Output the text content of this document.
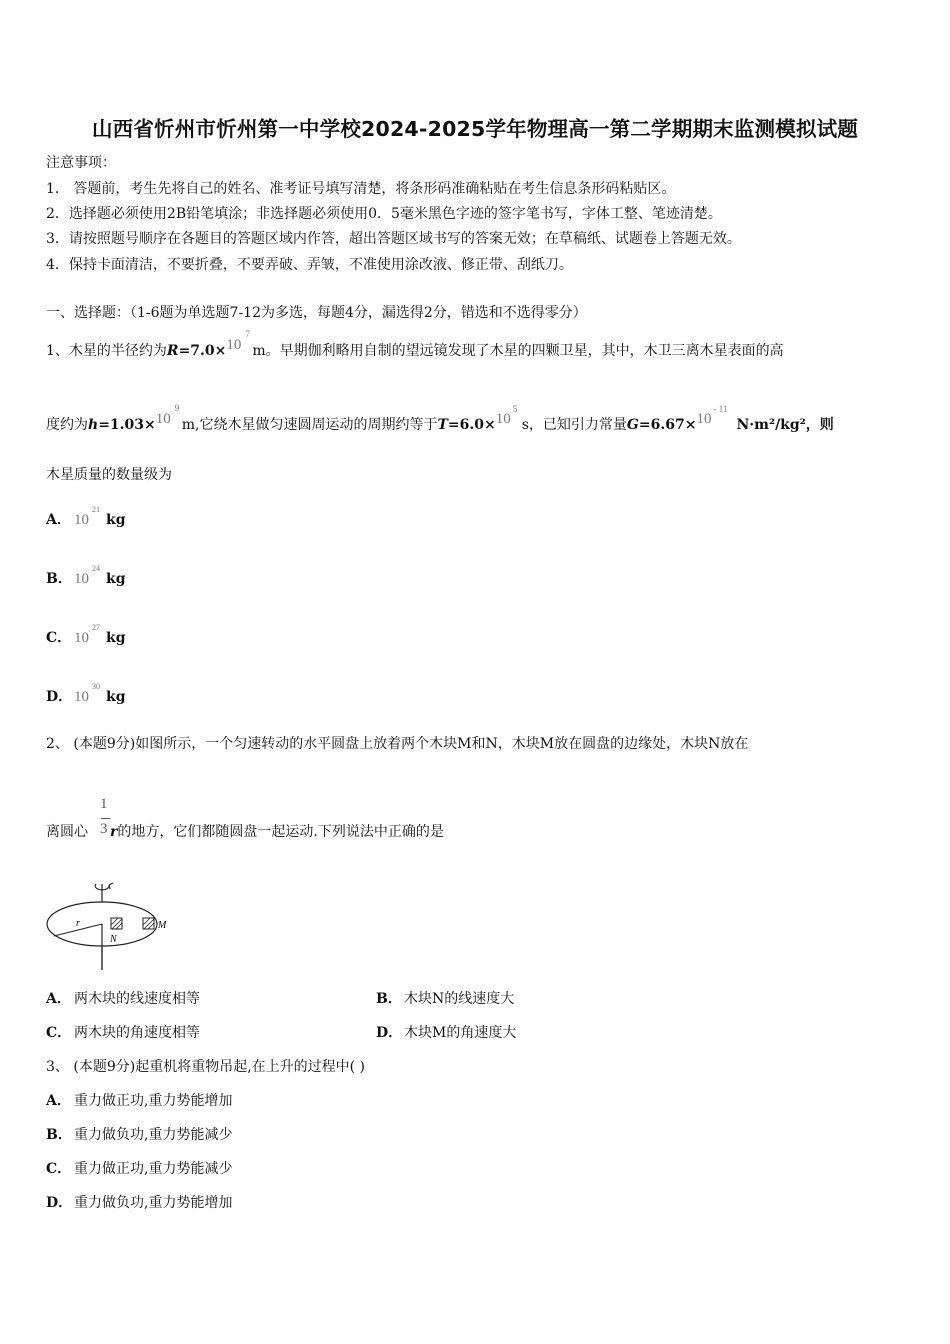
山西省忻州市忻州第一中学校2024-2025学年物理高一第二学期期末监测模拟试题
注意事项：
1． 答题前，考生先将自己的姓名、准考证号填写清楚，将条形码准确粘贴在考生信息条形码粘贴区。
2．选择题必须使用2B铅笔填涂；非选择题必须使用0．5毫米黑色字迹的签字笔书写，字体工整、笔迹清楚。
3．请按照题号顺序在各题目的答题区域内作答，超出答题区域书写的答案无效；在草稿纸、试题卷上答题无效。
4．保持卡面清洁，不要折叠，不要弄破、弄皱，不准使用涂改液、修正带、刮纸刀。
一、选择题：（1-6题为单选题7-12为多选，每题4分，漏选得2分，错选和不选得零分）
1、木星的半径约为R=7.0×10
7
m。早期伽利略用自制的望远镜发现了木星的四颗卫星，其中，木卫三离木星表面的高
度约为h=1.03×10
9
m,它绕木星做匀速圆周运动的周期约等于T=6.0×10
5
s，已知引力常量G=6.67×10
- 11
N·m²/kg²，则
木星质量的数量级为
A． 10
21
kg
B． 10
24
kg
C． 10
27
kg
D． 10
30
kg
2、 (本题9分)如图所示，一个匀速转动的水平圆盘上放着两个木块M和N，木块M放在圆盘的边缘处，木块N放在
1
3
离圆心 r的地方，它们都随圆盘一起运动.下列说法中正确的是
r
N
M
A． 两木块的线速度相等	B． 木块N的线速度大
C． 两木块的角速度相等	D． 木块M的角速度大
3、 (本题9分)起重机将重物吊起,在上升的过程中( )
A． 重力做正功,重力势能增加
B． 重力做负功,重力势能减少
C． 重力做正功,重力势能减少
D． 重力做负功,重力势能增加
